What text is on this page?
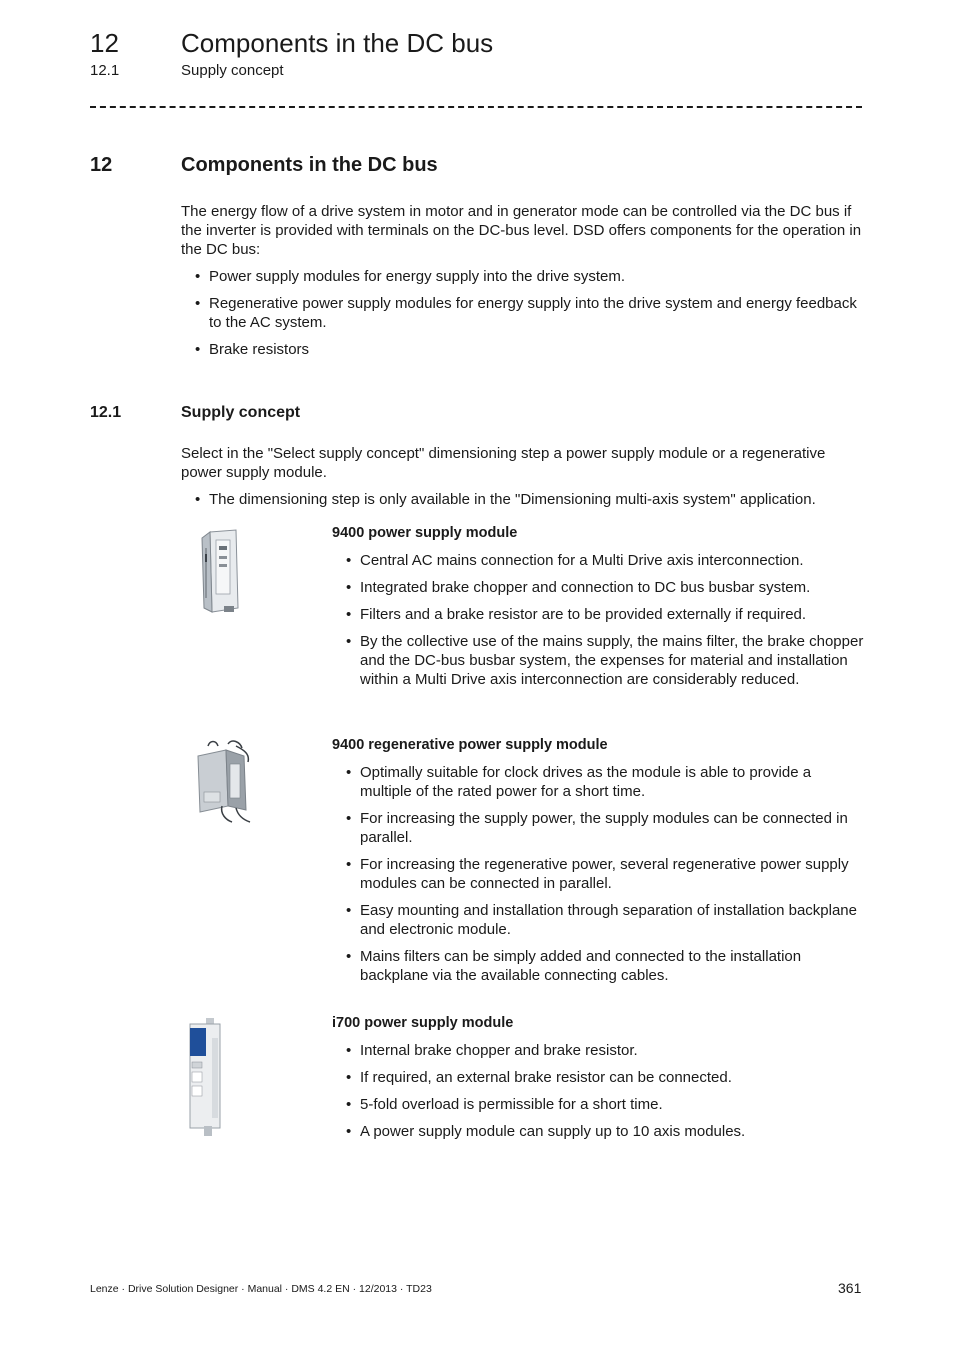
12 Components in the DC bus
12.1	Supply concept
12	Components in the DC bus
The energy flow of a drive system in motor and in generator mode can be controlled via the DC bus if the inverter is provided with terminals on the DC-bus level. DSD offers components for the operation in the DC bus:
• Power supply modules for energy supply into the drive system.
• Regenerative power supply modules for energy supply into the drive system and energy feedback to the AC system.
• Brake resistors
12.1	Supply concept
Select in the "Select supply concept" dimensioning step a power supply module or a regenerative power supply module.
• The dimensioning step is only available in the "Dimensioning multi-axis system" application.
9400 power supply module
• Central AC mains connection for a Multi Drive axis interconnection.
• Integrated brake chopper and connection to DC bus busbar system.
• Filters and a brake resistor are to be provided externally if required.
• By the collective use of the mains supply, the mains filter, the brake chopper and the DC-bus busbar system, the expenses for material and installation within a Multi Drive axis interconnection are considerably reduced.
9400 regenerative power supply module
• Optimally suitable for clock drives as the module is able to provide a multiple of the rated power for a short time.
• For increasing the supply power, the supply modules can be connected in parallel.
• For increasing the regenerative power, several regenerative power supply modules can be connected in parallel.
• Easy mounting and installation through separation of installation backplane and electronic module.
• Mains filters can be simply added and connected to the installation backplane via the available connecting cables.
i700 power supply module
• Internal brake chopper and brake resistor.
• If required, an external brake resistor can be connected.
• 5-fold overload is permissible for a short time.
• A power supply module can supply up to 10 axis modules.
Lenze · Drive Solution Designer · Manual · DMS 4.2 EN · 12/2013 · TD23	361
